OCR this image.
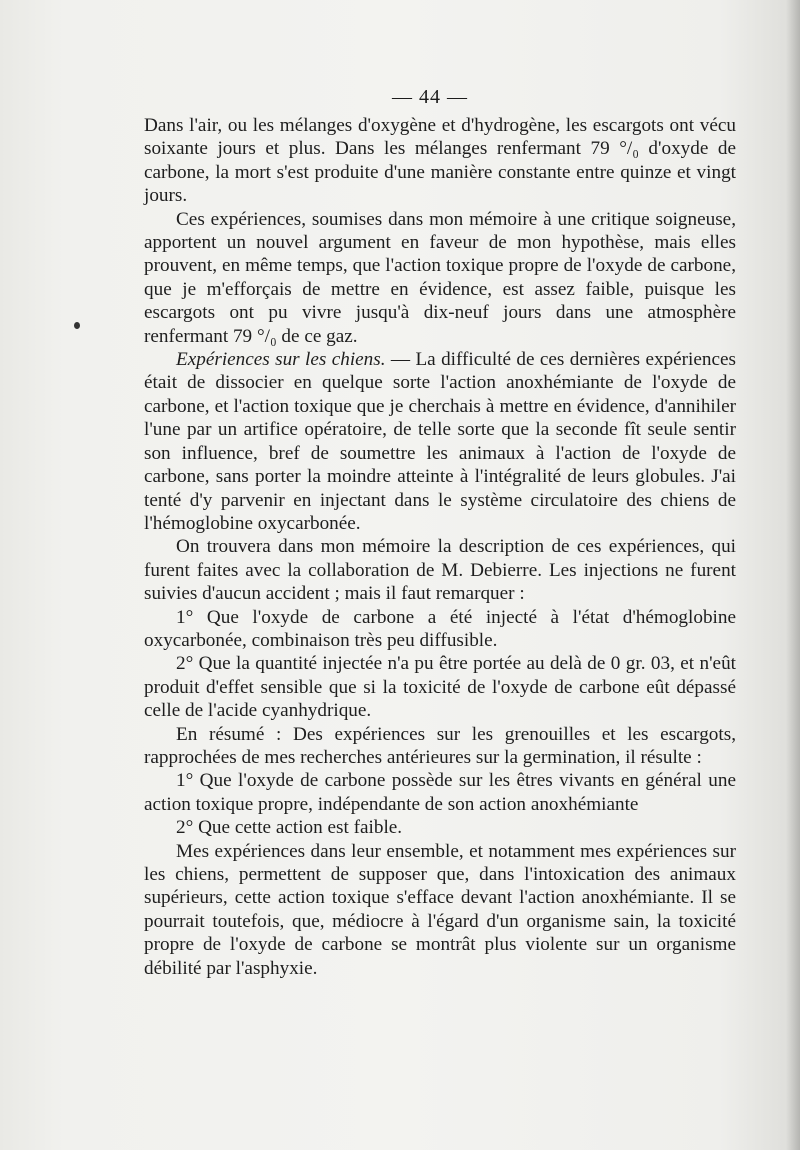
— 44 —

Dans l'air, ou les mélanges d'oxygène et d'hydrogène, les escargots ont vécu soixante jours et plus. Dans les mélanges renfermant 79 °/₀ d'oxyde de carbone, la mort s'est produite d'une manière constante entre quinze et vingt jours.

Ces expériences, soumises dans mon mémoire à une critique soigneuse, apportent un nouvel argument en faveur de mon hypothèse, mais elles prouvent, en même temps, que l'action toxique propre de l'oxyde de carbone, que je m'efforçais de mettre en évidence, est assez faible, puisque les escargots ont pu vivre jusqu'à dix-neuf jours dans une atmosphère renfermant 79 °/₀ de ce gaz.

Expériences sur les chiens. — La difficulté de ces dernières expériences était de dissocier en quelque sorte l'action anoxhémiante de l'oxyde de carbone, et l'action toxique que je cherchais à mettre en évidence, d'annihiler l'une par un artifice opératoire, de telle sorte que la seconde fît seule sentir son influence, bref de soumettre les animaux à l'action de l'oxyde de carbone, sans porter la moindre atteinte à l'intégralité de leurs globules. J'ai tenté d'y parvenir en injectant dans le système circulatoire des chiens de l'hémoglobine oxycarbonée.

On trouvera dans mon mémoire la description de ces expériences, qui furent faites avec la collaboration de M. Debierre. Les injections ne furent suivies d'aucun accident ; mais il faut remarquer :

1° Que l'oxyde de carbone a été injecté à l'état d'hémoglobine oxycarbonée, combinaison très peu diffusible.

2° Que la quantité injectée n'a pu être portée au delà de 0 gr. 03, et n'eût produit d'effet sensible que si la toxicité de l'oxyde de carbone eût dépassé celle de l'acide cyanhydrique.

En résumé : Des expériences sur les grenouilles et les escargots, rapprochées de mes recherches antérieures sur la germination, il résulte :

1° Que l'oxyde de carbone possède sur les êtres vivants en général une action toxique propre, indépendante de son action anoxhémiante

2° Que cette action est faible.

Mes expériences dans leur ensemble, et notamment mes expériences sur les chiens, permettent de supposer que, dans l'intoxication des animaux supérieurs, cette action toxique s'efface devant l'action anoxhémiante. Il se pourrait toutefois, que, médiocre à l'égard d'un organisme sain, la toxicité propre de l'oxyde de carbone se montrât plus violente sur un organisme débilité par l'asphyxie.
